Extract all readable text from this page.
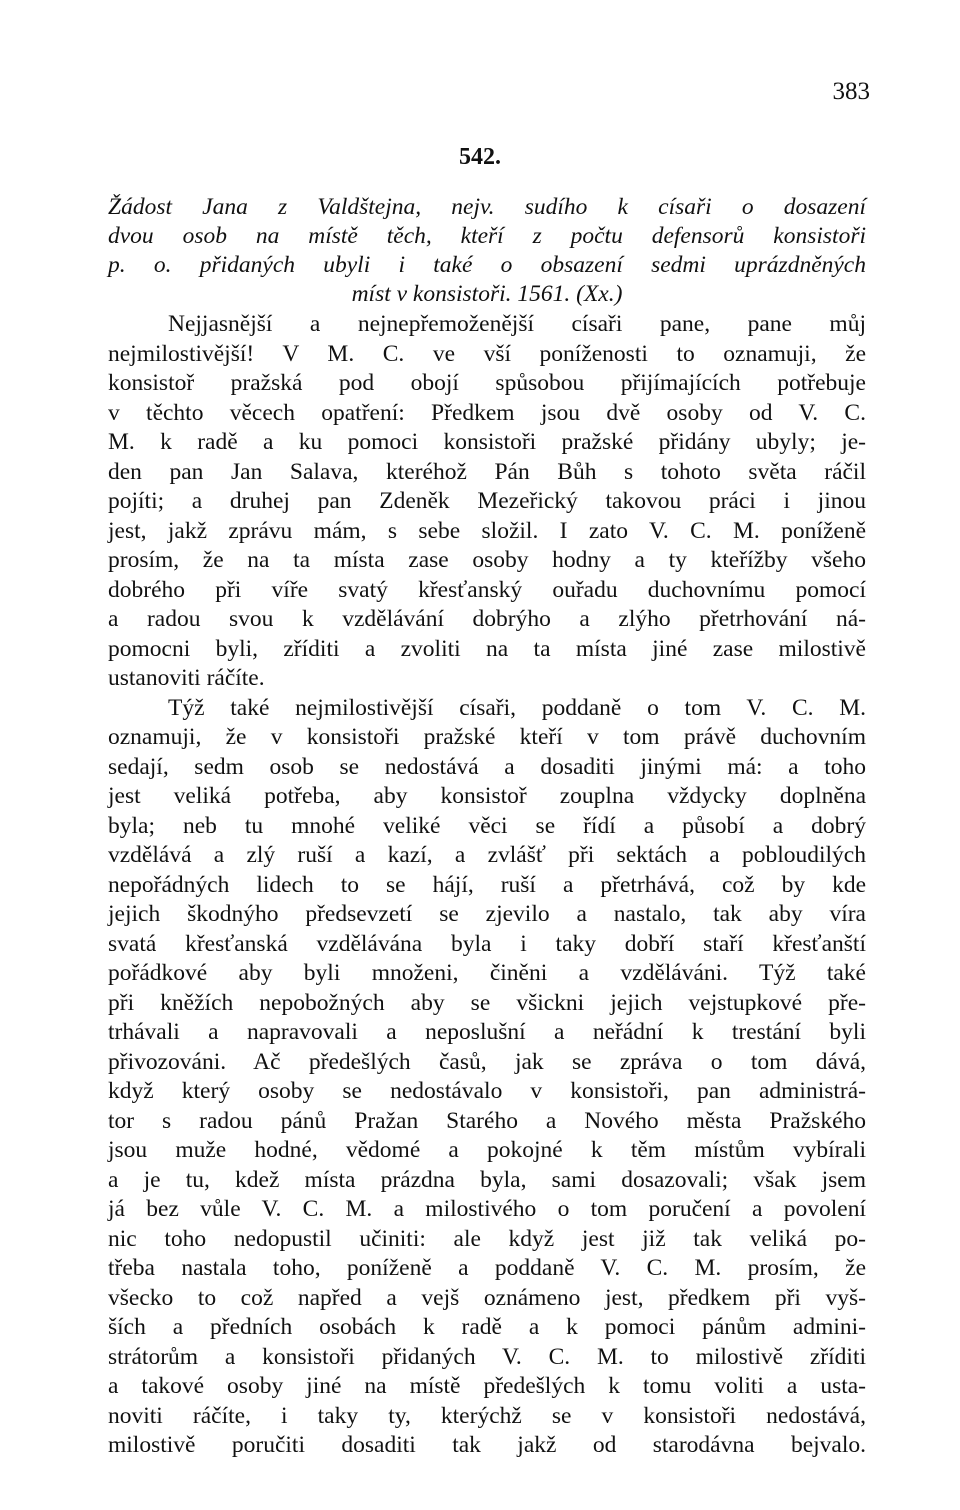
383
542.
Žádost Jana z Valdštejna, nejv. sudího k císaři o dosazení
dvou osob na místě těch, kteří z počtu defensorů konsistoři
p. o. přidaných ubyli i také o obsazení sedmi uprázdněných
míst v konsistoři. 1561. (Xx.)
Nejjasnější a nejnepřemoženější císaři pane, pane můj
nejmilostivější! V M. C. ve vší poníženosti to oznamuji, že
konsistoř pražská pod obojí spůsobou přijímajících potřebuje
v těchto věcech opatření: Předkem jsou dvě osoby od V. C.
M. k radě a ku pomoci konsistoři pražské přidány ubyly; je-
den pan Jan Salava, kteréhož Pán Bůh s tohoto světa ráčil
pojíti; a druhej pan Zdeněk Mezeřický takovou práci i jinou
jest, jakž zprávu mám, s sebe složil. I zato V. C. M. poníženě
prosím, že na ta místa zase osoby hodny a ty kteřížby všeho
dobrého při víře svatý křesťanský ouřadu duchovnímu pomocí
a radou svou k vzdělávání dobrýho a zlýho přetrhování ná-
pomocni byli, zříditi a zvoliti na ta místa jiné zase milostivě
ustanoviti ráčíte.
Týž také nejmilostivější císaři, poddaně o tom V. C. M.
oznamuji, že v konsistoři pražské kteří v tom právě duchovním
sedají, sedm osob se nedostává a dosaditi jinými má: a toho
jest veliká potřeba, aby konsistoř zouplna vždycky doplněna
byla; neb tu mnohé veliké věci se řídí a působí a dobrý
vzdělává a zlý ruší a kazí, a zvlášť při sektách a pobloudilých
nepořádných lidech to se hájí, ruší a přetrhává, což by kde
jejich škodnýho předsevzetí se zjevilo a nastalo, tak aby víra
svatá křesťanská vzdělávána byla i taky dobří staří křesťanští
pořádkové aby byli množeni, činěni a vzděláváni. Týž také
při kněžích nepobožných aby se všickni jejich vejstupkové pře-
trhávali a napravovali a neposlušní a neřádní k trestání byli
přivozováni. Ač předešlých časů, jak se zpráva o tom dává,
když který osoby se nedostávalo v konsistoři, pan administrá-
tor s radou pánů Pražan Starého a Nového města Pražského
jsou muže hodné, vědomé a pokojné k těm místům vybírali
a je tu, kdež místa prázdna byla, sami dosazovali; však jsem
já bez vůle V. C. M. a milostivého o tom poručení a povolení
nic toho nedopustil učiniti: ale když jest již tak veliká po-
třeba nastala toho, poníženě a poddaně V. C. M. prosím, že
všecko to což napřed a vejš oznámeno jest, předkem při vyš-
ších a předních osobách k radě a k pomoci pánům admini-
strátorům a konsistoři přidaných V. C. M. to milostivě zříditi
a takové osoby jiné na místě předešlých k tomu voliti a usta-
noviti ráčíte, i taky ty, kterýchž se v konsistoři nedostává,
milostivě poručiti dosaditi tak jakž od starodávna bejvalo.
